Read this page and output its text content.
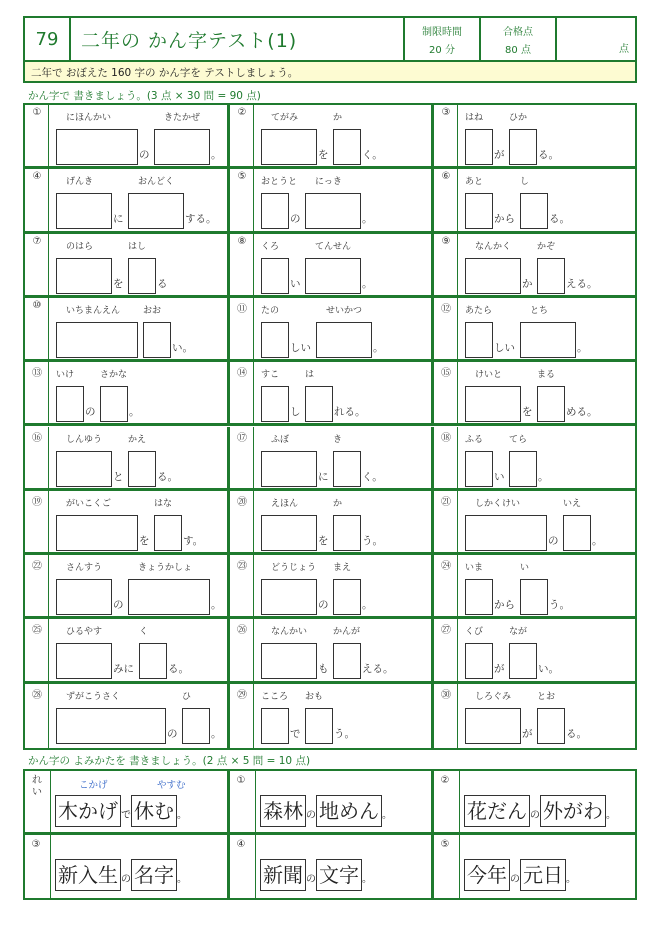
79	二年の かん字テスト(1)	制限時間
20 分
合格点
80 点	点
二年で おぼえた 160 字の かん字を テストしましょう。
かん字で 書きましょう。(3 点 × 30 問 = 90 点)
①	にほんかい
の
きたかぜ
。
②	てがみ
を
か
く。
③	はね
が
ひか
る。
④	げんき
に
おんどく
する。
⑤	おとうと
の
にっき
。
⑥	あと
から
し
る。
⑦	のはら
を
はし
る
⑧	くろ
い
てんせん
。
⑨	なんかく
か
かぞ
える。
⑩	いちまんえん	おお
い。
⑪	たの
しい
せいかつ
。
⑫	あたら
しい
とち
。
⑬	いけ
の
さかな
。
⑭	すこ
し
は
れる。
⑮	けいと
を
まる
める。
⑯	しんゆう
と
かえ
る。
⑰	ふぼ
に
き
く。
⑱	ふる
い
てら
。
⑲	がいこくご
を
はな
す。
⑳	えほん
を
か
う。
㉑	しかくけい
の
いえ
。
㉒	さんすう
の
きょうかしょ
。
㉓	どうじょう
の
まえ
。
㉔	いま
から
い
う。
㉕	ひるやす
みに
く
る。
㉖	なんかい
も
かんが
える。
㉗	くび
が
なが
い。
㉘	ずがこうさく
の
ひ
。
㉙	こころ
で
おも
う。
㉚	しろぐみ
が
とお
る。
かん字の よみかたを 書きましょう。(2 点 × 5 問 = 10 点)
れい
こかげ	やすむ
木かげ で 休む 。
①
森林 の 地めん 。
②
花だん の 外がわ 。
③
新入生 の 名字 。
④
新聞 の 文字 。
⑤
今年 の 元日 。
